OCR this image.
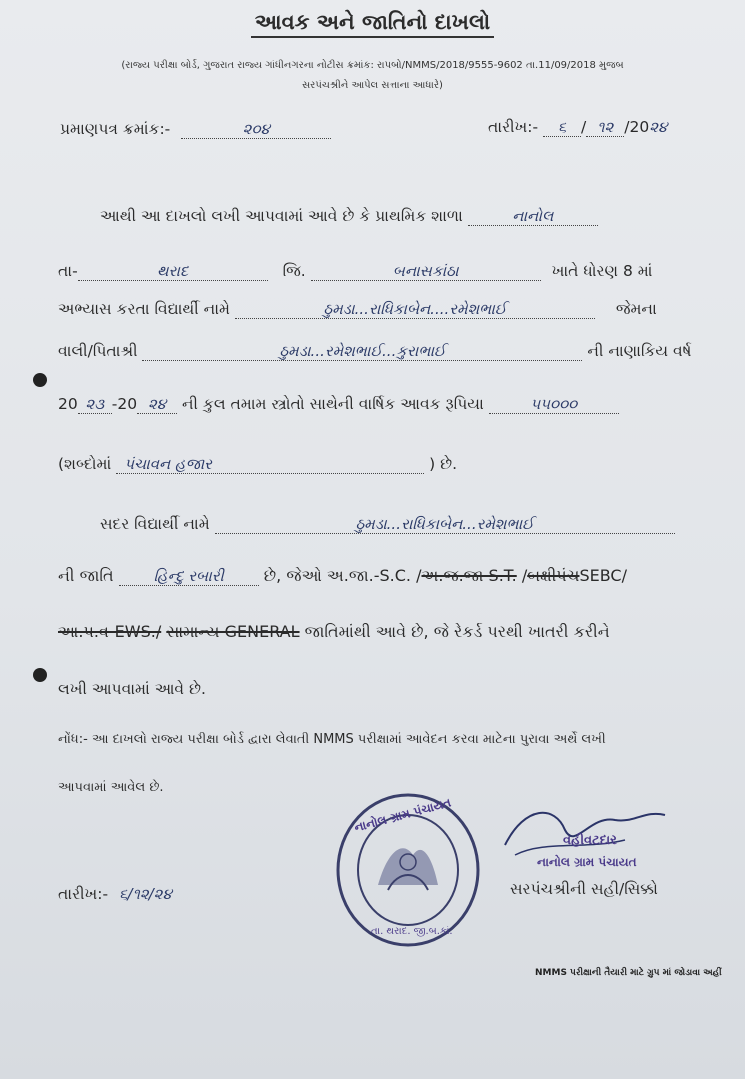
આવક અને જાતિનો દાખલો
(રાજ્ય પરીક્ષા બોર્ડ, ગુજરાત રાજ્ય ગાંધીનગરના નોટીસ ક્રમાંક: રાપબો/NMMS/2018/9555-9602 તા.11/09/2018 મુજબ
સરપંચશ્રીને આપેલ સત્તાના આધારે)
પ્રમાણપત્ર ક્રમાંક:-	૨૦૪	તારીખ:- ૬ / ૧૨ /20૨૪
આથી આ દાખલો લખી આપવામાં આવે છે કે પ્રાથમિક શાળા	નાનોલ
તા-	થરાદ	જિ.	બનાસકાંઠા	ખાતે ધોરણ 8 માં
અભ્યાસ કરતા વિદ્યાર્થી નામે	ઠુમડા...રાધિકાબેન....રમેશભાઈ	જેમના
વાલી/પિતાશ્રી	ઠુમડા...રમેશભાઈ...કુરાભાઈ	ની નાણાકિય વર્ષ
20 ૨૩ -20 ૨૪ ની કુલ તમામ સ્ત્રોતો સાથેની વાર્ષિક આવક રૂપિયા	૫૫૦૦૦
(શબ્દોમાં પંચાવન હજાર	) છે.
સદર વિદ્યાર્થી નામે	ઠુમડા...રાધિકાબેન...રમેશભાઈ
ની જાતિ	હિન્દુ રબારી છે, જેઓ અ.જા.-S.C. /અ.જ.જા S.T. /બક્ષીપંચSEBC/
આ.પ.વ-EWS./ સામાન્ય GENERAL જાતિમાંથી આવે છે, જે રેકર્ડ પરથી ખાતરી કરીને
લખી આપવામાં આવે છે.
નોંધ:- આ દાખલો રાજ્ય પરીક્ષા બોર્ડ દ્વારા લેવાતી NMMS પરીક્ષામાં આવેદન કરવા માટેના પુરાવા અર્થે લખી
આપવામાં આવેલ છે.
નાનોલ ગ્રામ પંચાયત
તા. થરાદ. જી.બ.કાં.
વહીવટદાર
નાનોલ ગ્રામ પંચાયત
તારીખ:- ૬/૧૨/૨૪	સરપંચશ્રીની સહી/સિક્કો
NMMS પરીક્ષાની તૈયારી માટે ગ્રુપ માં જોડાવા અહીં
